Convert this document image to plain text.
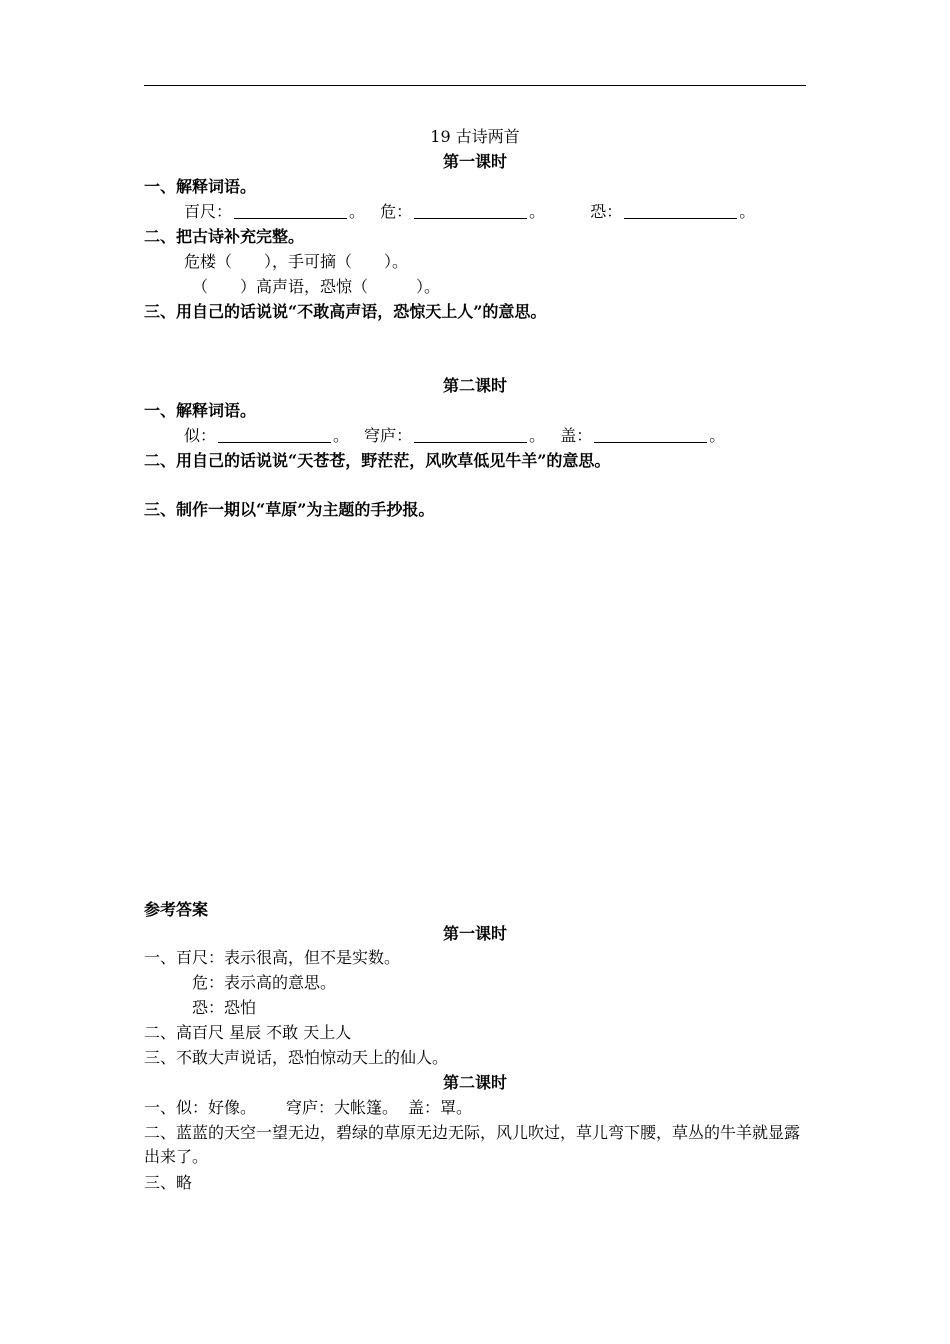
19 古诗两首
第一课时
一、解释词语。
百尺：	。 危：	。	恐：	。
二、把古诗补充完整。
危楼（　　），手可摘（　　）。
（　　）高声语，恐惊（　　　）。
三、用自己的话说说“不敢高声语，恐惊天上人”的意思。
第二课时
一、解释词语。
似：	。 穹庐：	。 盖：	。
二、用自己的话说说“天苍苍，野茫茫，风吹草低见牛羊”的意思。
三、制作一期以“草原”为主题的手抄报。
参考答案
第一课时
一、百尺：表示很高，但不是实数。
危：表示高的意思。
恐：恐怕
二、高百尺 星辰 不敢 天上人
三、不敢大声说话，恐怕惊动天上的仙人。
第二课时
一、似：好像。 穹庐：大帐篷。 盖：罩。
二、蓝蓝的天空一望无边，碧绿的草原无边无际，风儿吹过，草儿弯下腰，草丛的牛羊就显露出来了。
三、略
